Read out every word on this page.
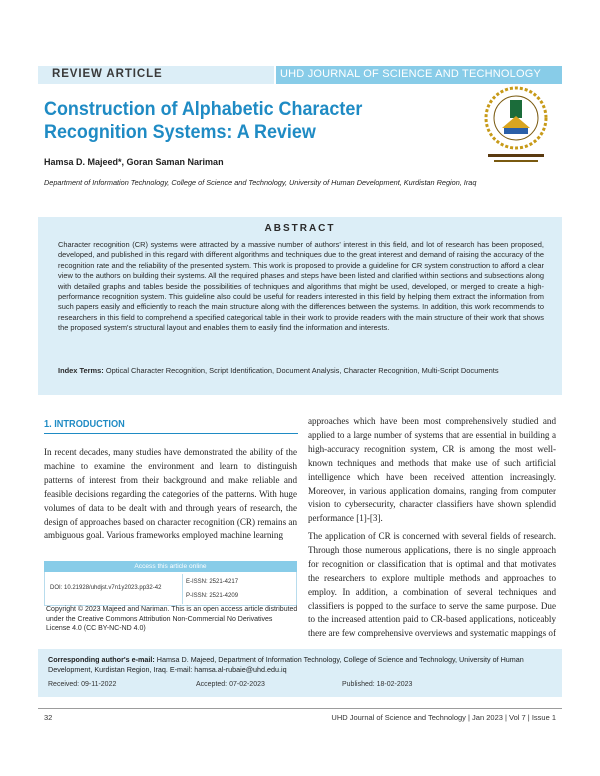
REVIEW ARTICLE	UHD JOURNAL OF SCIENCE AND TECHNOLOGY
Construction of Alphabetic Character Recognition Systems: A Review
Hamsa D. Majeed*, Goran Saman Nariman
Department of Information Technology, College of Science and Technology, University of Human Development, Kurdistan Region, Iraq
ABSTRACT
Character recognition (CR) systems were attracted by a massive number of authors' interest in this field, and lot of research has been proposed, developed, and published in this regard with different algorithms and techniques due to the great interest and demand of raising the accuracy of the recognition rate and the reliability of the presented system. This work is proposed to provide a guideline for CR system construction to afford a clear view to the authors on building their systems. All the required phases and steps have been listed and clarified within sections and subsections along with detailed graphs and tables beside the possibilities of techniques and algorithms that might be used, developed, or merged to create a high-performance recognition system. This guideline also could be useful for readers interested in this field by helping them extract the information from such papers easily and efficiently to reach the main structure along with the differences between the systems. In addition, this work recommends to researchers in this field to comprehend a specified categorical table in their work to provide readers with the main structure of their work that shows the proposed system's structural layout and enables them to easily find the information and interests.
Index Terms: Optical Character Recognition, Script Identification, Document Analysis, Character Recognition, Multi-Script Documents
1. INTRODUCTION
In recent decades, many studies have demonstrated the ability of the machine to examine the environment and learn to distinguish patterns of interest from their background and make reliable and feasible decisions regarding the categories of the patterns. With huge volumes of data to be dealt with and through years of research, the design of approaches based on character recognition (CR) remains an ambiguous goal. Various frameworks employed machine learning
approaches which have been most comprehensively studied and applied to a large number of systems that are essential in building a high-accuracy recognition system, CR is among the most well-known techniques and methods that make use of such artificial intelligence which have been received attention increasingly. Moreover, in various application domains, ranging from computer vision to cybersecurity, character classifiers have shown splendid performance [1]-[3].
The application of CR is concerned with several fields of research. Through those numerous applications, there is no single approach for recognition or classification that is optimal and that motivates the researchers to explore multiple methods and approaches to employ. In addition, a combination of several techniques and classifiers is popped to the surface to serve the same purpose. Due to the increased attention paid to CR-based applications, noticeably there are few comprehensive overviews and systematic mappings of
Access this article online
DOI: 10.21928/uhdjst.v7n1y2023.pp32-42
E-ISSN: 2521-4217
P-ISSN: 2521-4209
Copyright © 2023 Majeed and Nariman. This is an open access article distributed under the Creative Commons Attribution Non-Commercial No Derivatives License 4.0 (CC BY-NC-ND 4.0)
Corresponding author's e-mail: Hamsa D. Majeed, Department of Information Technology, College of Science and Technology, University of Human Development, Kurdistan Region, Iraq. E-mail: hamsa.al-rubaie@uhd.edu.iq
Received: 09-11-2022	Accepted: 07-02-2023	Published: 18-02-2023
32	UHD Journal of Science and Technology | Jan 2023 | Vol 7 | Issue 1
